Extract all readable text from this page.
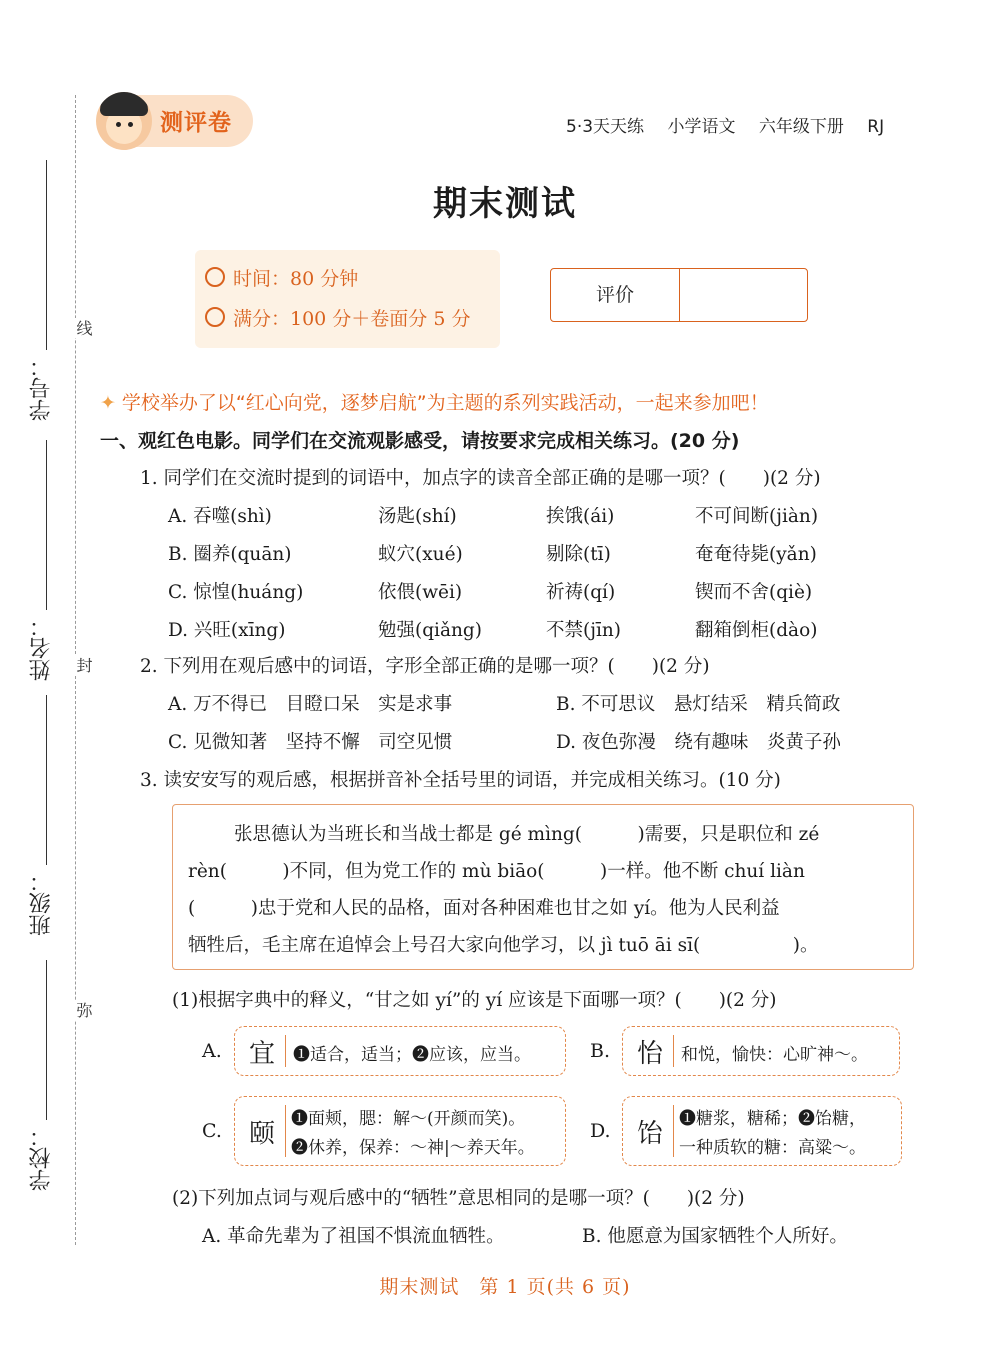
学号：
姓名：
班级：
学校：
线
封
弥
测评卷	5·3天天练 小学语文 六年级下册 RJ
期末测试
时间：80 分钟
满分：100 分＋卷面分 5 分
评价
✦ 学校举办了以“红心向党，逐梦启航”为主题的系列实践活动，一起来参加吧！
一、观红色电影。同学们在交流观影感受，请按要求完成相关练习。(20 分)
1. 同学们在交流时提到的词语中，加点字的读音全部正确的是哪一项？(　　)(2 分)
A. 吞噬(shì)	汤匙(shí)	挨饿(ái)	不可间断(jiàn)
B. 圈养(quān)	蚁穴(xué)	剔除(tī)	奄奄待毙(yǎn)
C. 惊惶(huáng)	依偎(wēi)	祈祷(qí)	锲而不舍(qiè)
D. 兴旺(xīng)	勉强(qiǎng)	不禁(jīn)	翻箱倒柜(dào)
2. 下列用在观后感中的词语，字形全部正确的是哪一项？(　　)(2 分)
A. 万不得已　目瞪口呆　实是求事	B. 不可思议　悬灯结采　精兵简政
C. 见微知著　坚持不懈　司空见惯	D. 夜色弥漫　绕有趣味　炎黄子孙
3. 读安安写的观后感，根据拼音补全括号里的词语，并完成相关练习。(10 分)
张思德认为当班长和当战士都是 gé mìng(　　　)需要，只是职位和 zé
rèn(　　　)不同，但为党工作的 mù biāo(　　　)一样。他不断 chuí liàn
(　　　)忠于党和人民的品格，面对各种困难也甘之如 yí。他为人民利益
牺牲后，毛主席在追悼会上号召大家向他学习，以 jì tuō āi sī(　　　　　)。
(1)根据字典中的释义，“甘之如 yí”的 yí 应该是下面哪一项？(　　)(2 分)
A. 宜 ❶适合，适当；❷应该，应当。	B. 怡 和悦，愉快：心旷神～。
C. 颐 ❶面颊，腮：解～(开颜而笑)。
❷休养，保养：～神|～养天年。
D. 饴 ❶糖浆，糖稀；❷饴糖，
一种质软的糖：高粱～。
(2)下列加点词与观后感中的“牺牲”意思相同的是哪一项？(　　)(2 分)
A. 革命先辈为了祖国不惧流血牺牲。	B. 他愿意为国家牺牲个人所好。
期末测试　第 1 页(共 6 页)
